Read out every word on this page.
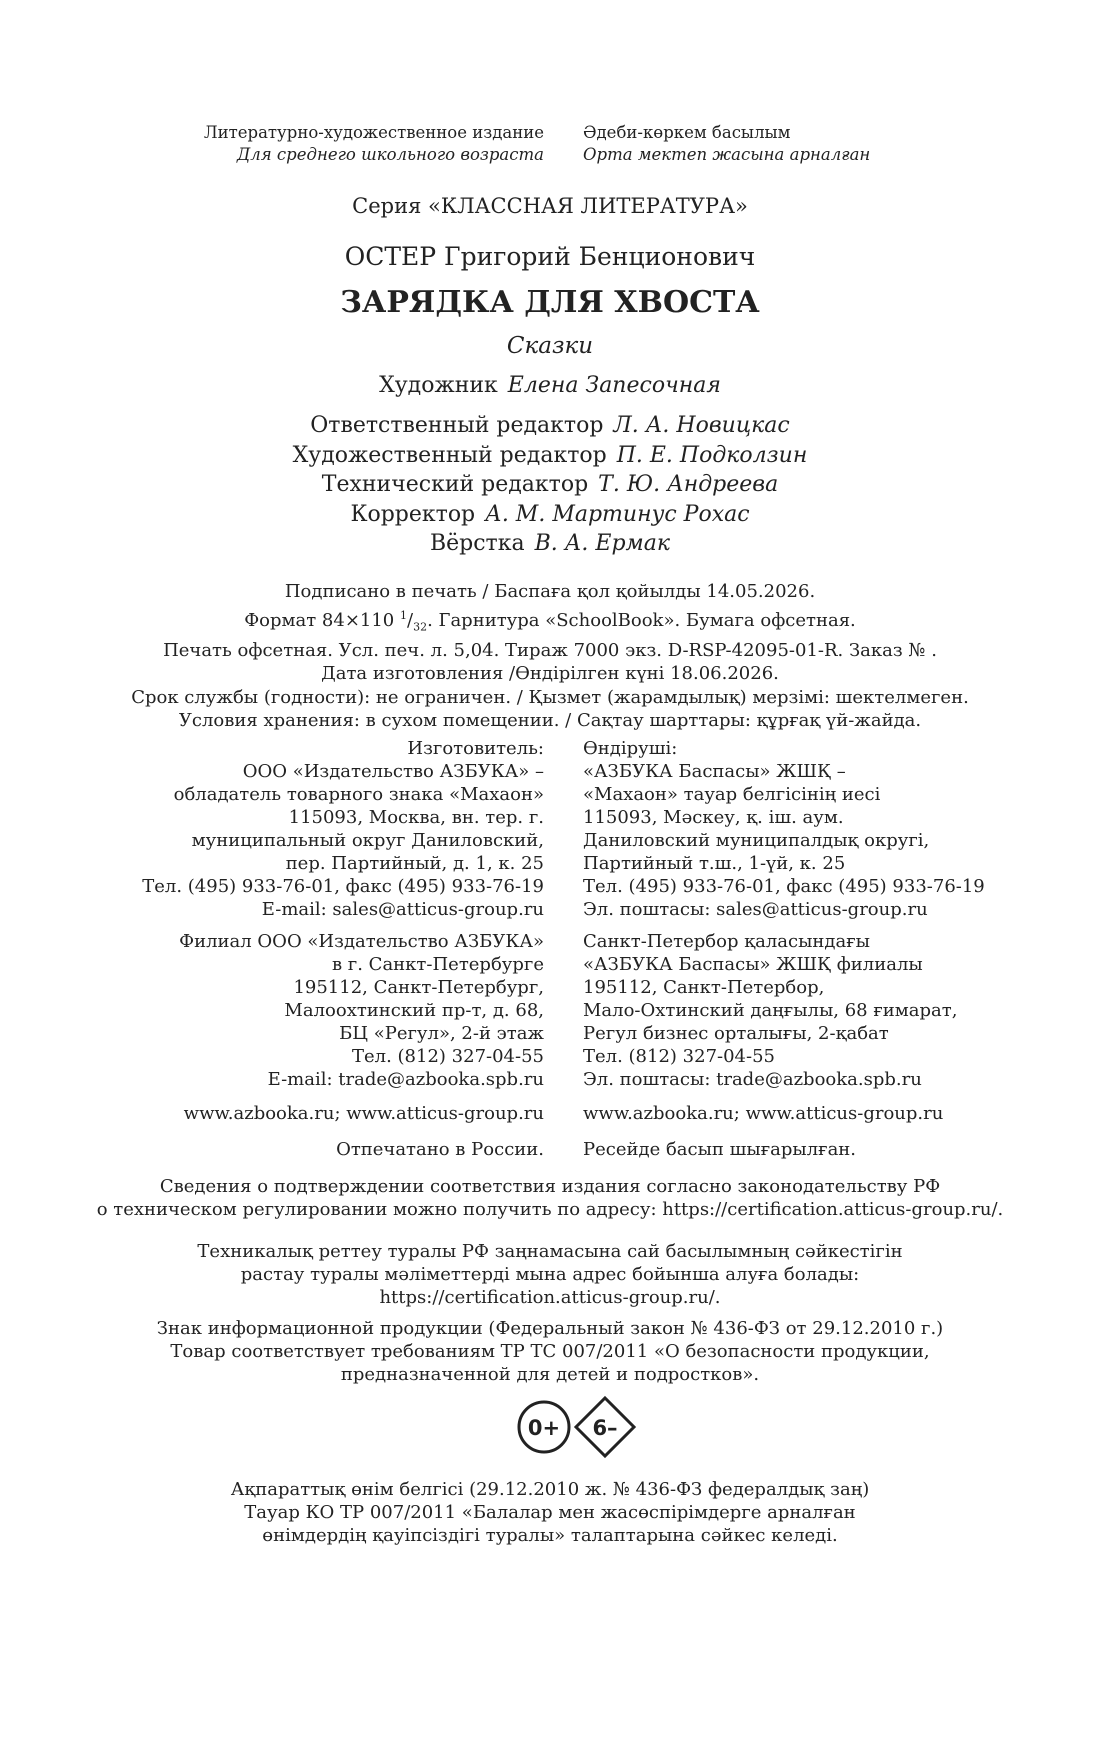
Литературно-художественное издание
Для среднего школьного возраста
Әдеби-көркем басылым
Орта мектеп жасына арналған
Серия «КЛАССНАЯ ЛИТЕРАТУРА»
ОСТЕР Григорий Бенционович
ЗАРЯДКА ДЛЯ ХВОСТА
Сказки
Художник Елена Запесочная
Ответственный редактор Л. А. Новицкас
Художественный редактор П. Е. Подколзин
Технический редактор Т. Ю. Андреева
Корректор А. М. Мартинус Рохас
Вёрстка В. А. Ермак
Подписано в печать / Баспаға қол қойылды 14.05.2026.
Формат 84×110 $^1/_{32}$. Гарнитура «SchoolBook». Бумага офсетная.
Печать офсетная. Усл. печ. л. 5,04. Тираж 7000 экз. D-RSP-42095-01-R. Заказ № .
Дата изготовления /Өндірілген күні 18.06.2026.
Срок службы (годности): не ограничен. / Қызмет (жарамдылық) мерзімі: шектелмеген.
Условия хранения: в сухом помещении. / Сақтау шарттары: құрғақ үй-жайда.
Изготовитель:
ООО «Издательство АЗБУКА» –
обладатель товарного знака «Махаон»
115093, Москва, вн. тер. г.
муниципальный округ Даниловский,
пер. Партийный, д. 1, к. 25
Тел. (495) 933-76-01, факс (495) 933-76-19
E-mail: sales@atticus-group.ru
Өндіруші:
«АЗБУКА Баспасы» ЖШҚ –
«Махаон» тауар белгісінің иесі
115093, Мәскеу, қ. іш. аум.
Даниловский муниципалдық округі,
Партийный т.ш., 1-үй, к. 25
Тел. (495) 933-76-01, факс (495) 933-76-19
Эл. поштасы: sales@atticus-group.ru
Филиал ООО «Издательство АЗБУКА»
в г. Санкт-Петербурге
195112, Санкт-Петербург,
Малоохтинский пр-т, д. 68,
БЦ «Регул», 2-й этаж
Тел. (812) 327-04-55
E-mail: trade@azbooka.spb.ru
Санкт-Петербор қаласындағы
«АЗБУКА Баспасы» ЖШҚ филиалы
195112, Санкт-Петербор,
Мало-Охтинский даңғылы, 68 ғимарат,
Регул бизнес орталығы, 2-қабат
Тел. (812) 327-04-55
Эл. поштасы: trade@azbooka.spb.ru
www.azbooka.ru; www.atticus-group.ru	www.azbooka.ru; www.atticus-group.ru
Отпечатано в России.	Ресейде басып шығарылған.
Сведения о подтверждении соответствия издания согласно законодательству РФ
о техническом регулировании можно получить по адресу: https://certification.atticus-group.ru/.
Техникалық реттеу туралы РФ заңнамасына сай басылымның сәйкестігін
растау туралы мәліметтерді мына адрес бойынша алуға болады:
https://certification.atticus-group.ru/.
Знак информационной продукции (Федеральный закон № 436-ФЗ от 29.12.2010 г.)
Товар соответствует требованиям ТР ТС 007/2011 «О безопасности продукции,
предназначенной для детей и подростков».
0+ 6–
Ақпараттық өнім белгісі (29.12.2010 ж. № 436-ФЗ федералдық заң)
Тауар КО ТР 007/2011 «Балалар мен жасөспірімдерге арналған
өнімдердің қауіпсіздігі туралы» талаптарына сәйкес келеді.
